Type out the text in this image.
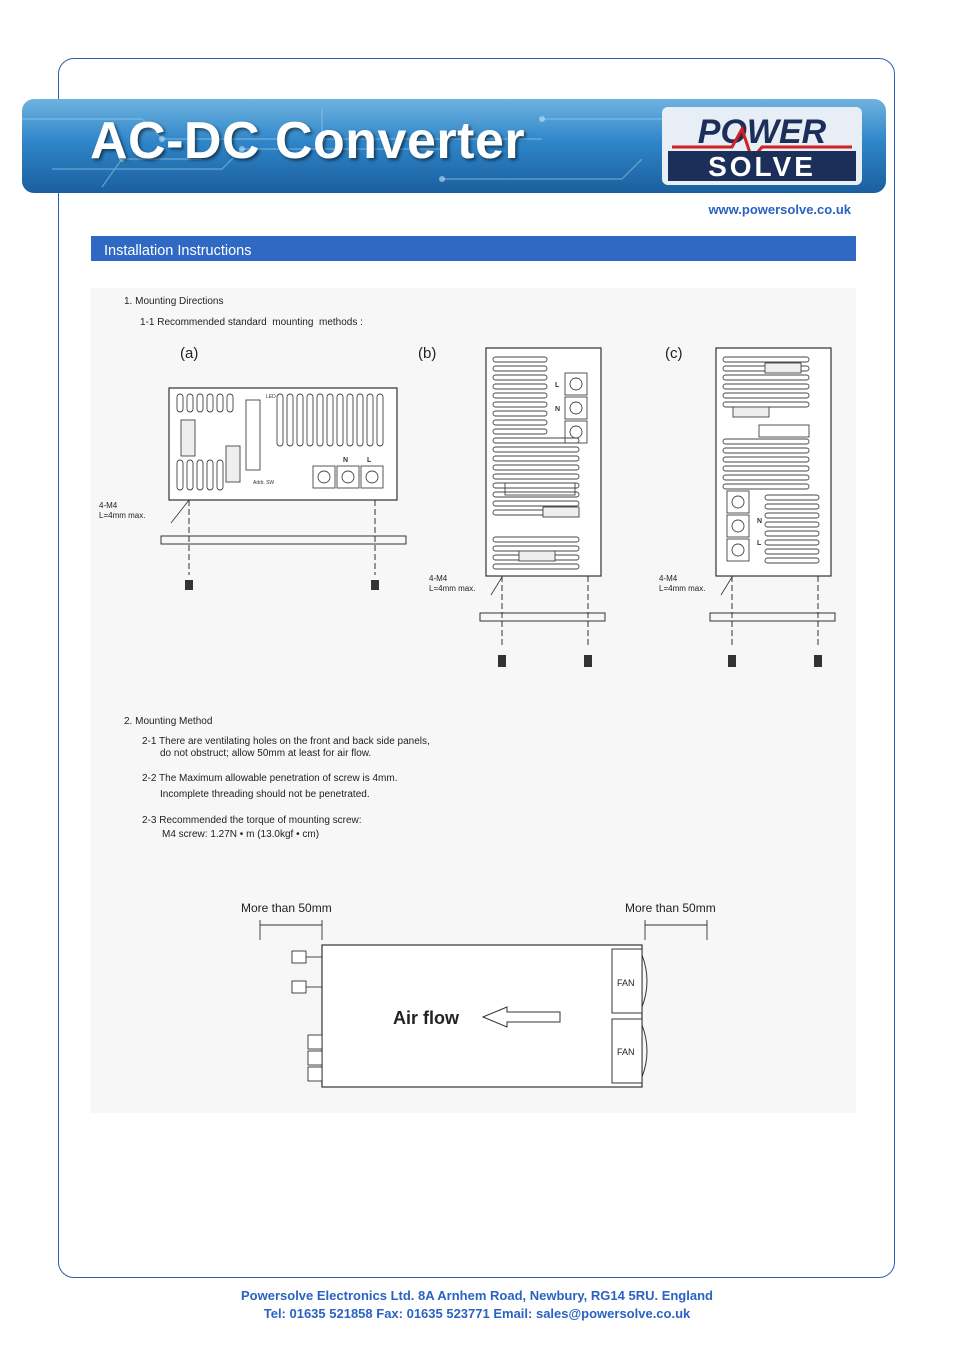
AC-DC Converter	POWER
SOLVE
www.powersolve.co.uk
Installation Instructions
1. Mounting Directions
1-1 Recommended standard  mounting  methods :
(a)	(b)	(c)
LED
Addr. SW
N	L
4-M4
L=4mm max.
L
N
4-M4
L=4mm max.
N
L
4-M4
L=4mm max.
2. Mounting Method
2-1 There are ventilating holes on the front and back side panels,
do not obstruct; allow 50mm at least for air flow.
2-2 The Maximum allowable penetration of screw is 4mm.
Incomplete threading should not be penetrated.
2-3 Recommended the torque of mounting screw:
M4 screw: 1.27N • m (13.0kgf • cm)
More than 50mm	More than 50mm
FAN
FAN
Air flow
Powersolve Electronics Ltd. 8A Arnhem Road, Newbury, RG14 5RU. England
Tel: 01635 521858 Fax: 01635 523771 Email: sales@powersolve.co.uk
